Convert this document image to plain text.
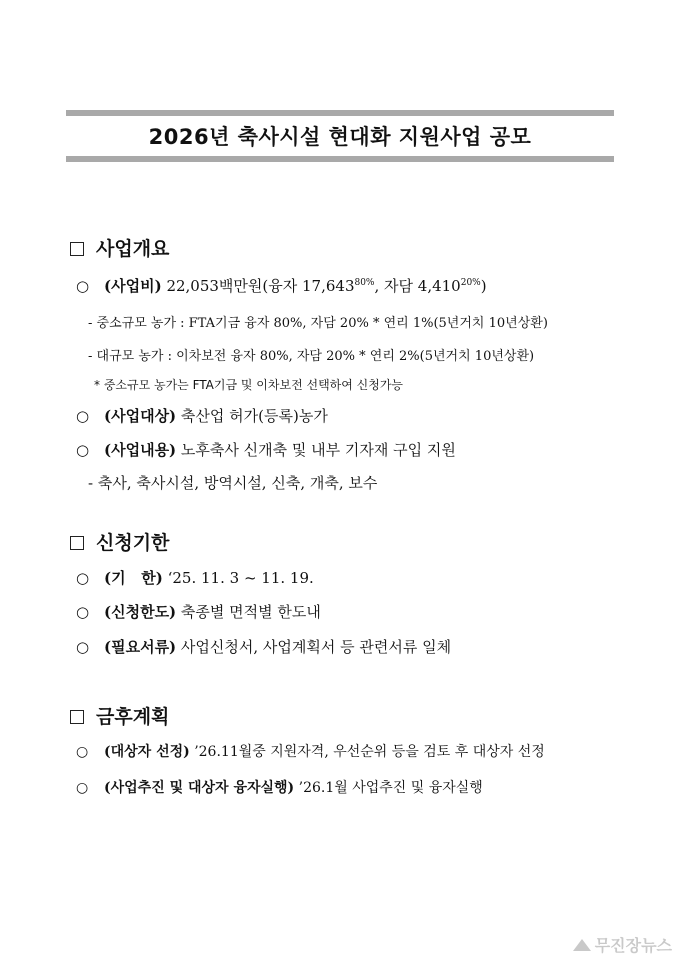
2026년 축사시설 현대화 지원사업 공모
사업개요
○ (사업비) 22,053백만원(융자 $17,643^{80\%}$, 자담 $4,410^{20\%}$)
- 중소규모 농가 : FTA기금 융자 80%, 자담 20% * 연리 1%(5년거치 10년상환)
- 대규모 농가 : 이차보전 융자 80%, 자담 20% * 연리 2%(5년거치 10년상환)
* 중소규모 농가는 FTA기금 및 이차보전 선택하여 신청가능
○ (사업대상) 축산업 허가(등록)농가
○ (사업내용) 노후축사 신개축 및 내부 기자재 구입 지원
- 축사, 축사시설, 방역시설, 신축, 개축, 보수
신청기한
○ (기   한) ‘25. 11. 3 ~ 11. 19.
○ (신청한도) 축종별 면적별 한도내
○ (필요서류) 사업신청서, 사업계획서 등 관련서류 일체
금후계획
○ (대상자 선정) ’26.11월중 지원자격, 우선순위 등을 검토 후 대상자 선정
○ (사업추진 및 대상자 융자실행) ’26.1월 사업추진 및 융자실행
무진장뉴스
